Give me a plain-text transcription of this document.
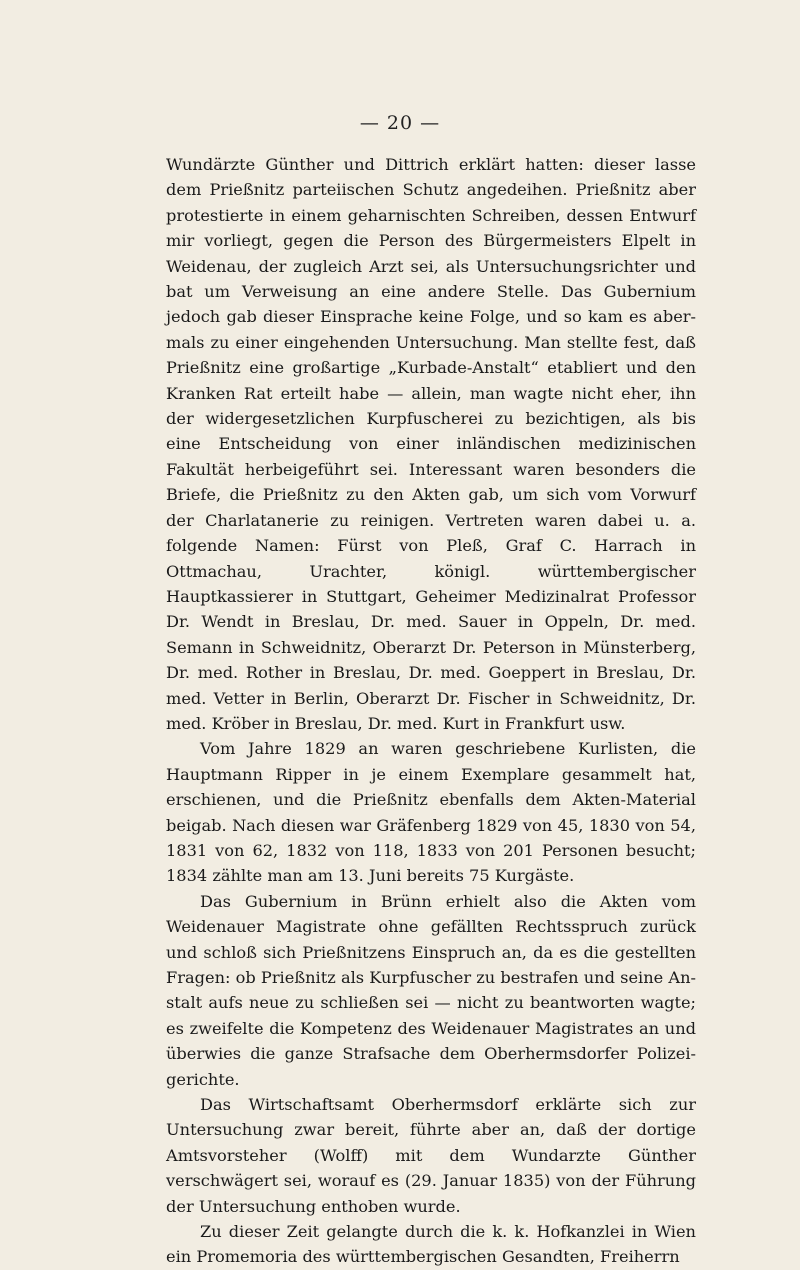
— 20 —

Wundärzte Günther und Dittrich erklärt hatten: dieser lasse dem Prießnitz parteiischen Schutz angedeihen. Prießnitz aber protestierte in einem geharnischten Schreiben, dessen Entwurf mir vorliegt, gegen die Person des Bürgermeisters Elpelt in Weidenau, der zugleich Arzt sei, als Untersuchungsrichter und bat um Verweisung an eine andere Stelle. Das Gubernium jedoch gab dieser Einsprache keine Folge, und so kam es abermals zu einer eingehenden Untersuchung. Man stellte fest, daß Prießnitz eine großartige „Kurbade-Anstalt“ etabliert und den Kranken Rat erteilt habe — allein, man wagte nicht eher, ihn der widergesetzlichen Kurpfuscherei zu bezichtigen, als bis eine Entscheidung von einer inländischen medizinischen Fakultät herbeigeführt sei. Interessant waren besonders die Briefe, die Prießnitz zu den Akten gab, um sich vom Vorwurf der Charlatanerie zu reinigen. Vertreten waren dabei u. a. folgende Namen: Fürst von Pleß, Graf C. Harrach in Ottmachau, Urachter, königl. württembergischer Hauptkassierer in Stuttgart, Geheimer Medizinalrat Professor Dr. Wendt in Breslau, Dr. med. Sauer in Oppeln, Dr. med. Semann in Schweidnitz, Oberarzt Dr. Peterson in Münsterberg, Dr. med. Rother in Breslau, Dr. med. Goeppert in Breslau, Dr. med. Vetter in Berlin, Oberarzt Dr. Fischer in Schweidnitz, Dr. med. Kröber in Breslau, Dr. med. Kurt in Frankfurt usw.

Vom Jahre 1829 an waren geschriebene Kurlisten, die Hauptmann Ripper in je einem Exemplare gesammelt hat, erschienen, und die Prießnitz ebenfalls dem Akten-Material beigab. Nach diesen war Gräfenberg 1829 von 45, 1830 von 54, 1831 von 62, 1832 von 118, 1833 von 201 Personen besucht; 1834 zählte man am 13. Juni bereits 75 Kurgäste.

Das Gubernium in Brünn erhielt also die Akten vom Weidenauer Magistrate ohne gefällten Rechtsspruch zurück und schloß sich Prießnitzens Einspruch an, da es die gestellten Fragen: ob Prießnitz als Kurpfuscher zu bestrafen und seine Anstalt aufs neue zu schließen sei — nicht zu beantworten wagte; es zweifelte die Kompetenz des Weidenauer Magistrates an und überwies die ganze Strafsache dem Oberhermsdorfer Polizeigerichte.

Das Wirtschaftsamt Oberhermsdorf erklärte sich zur Untersuchung zwar bereit, führte aber an, daß der dortige Amtsvorsteher (Wolff) mit dem Wundarzte Günther verschwägert sei, worauf es (29. Januar 1835) von der Führung der Untersuchung enthoben wurde.

Zu dieser Zeit gelangte durch die k. k. Hofkanzlei in Wien ein Promemoria des württembergischen Gesandten, Freiherrn
